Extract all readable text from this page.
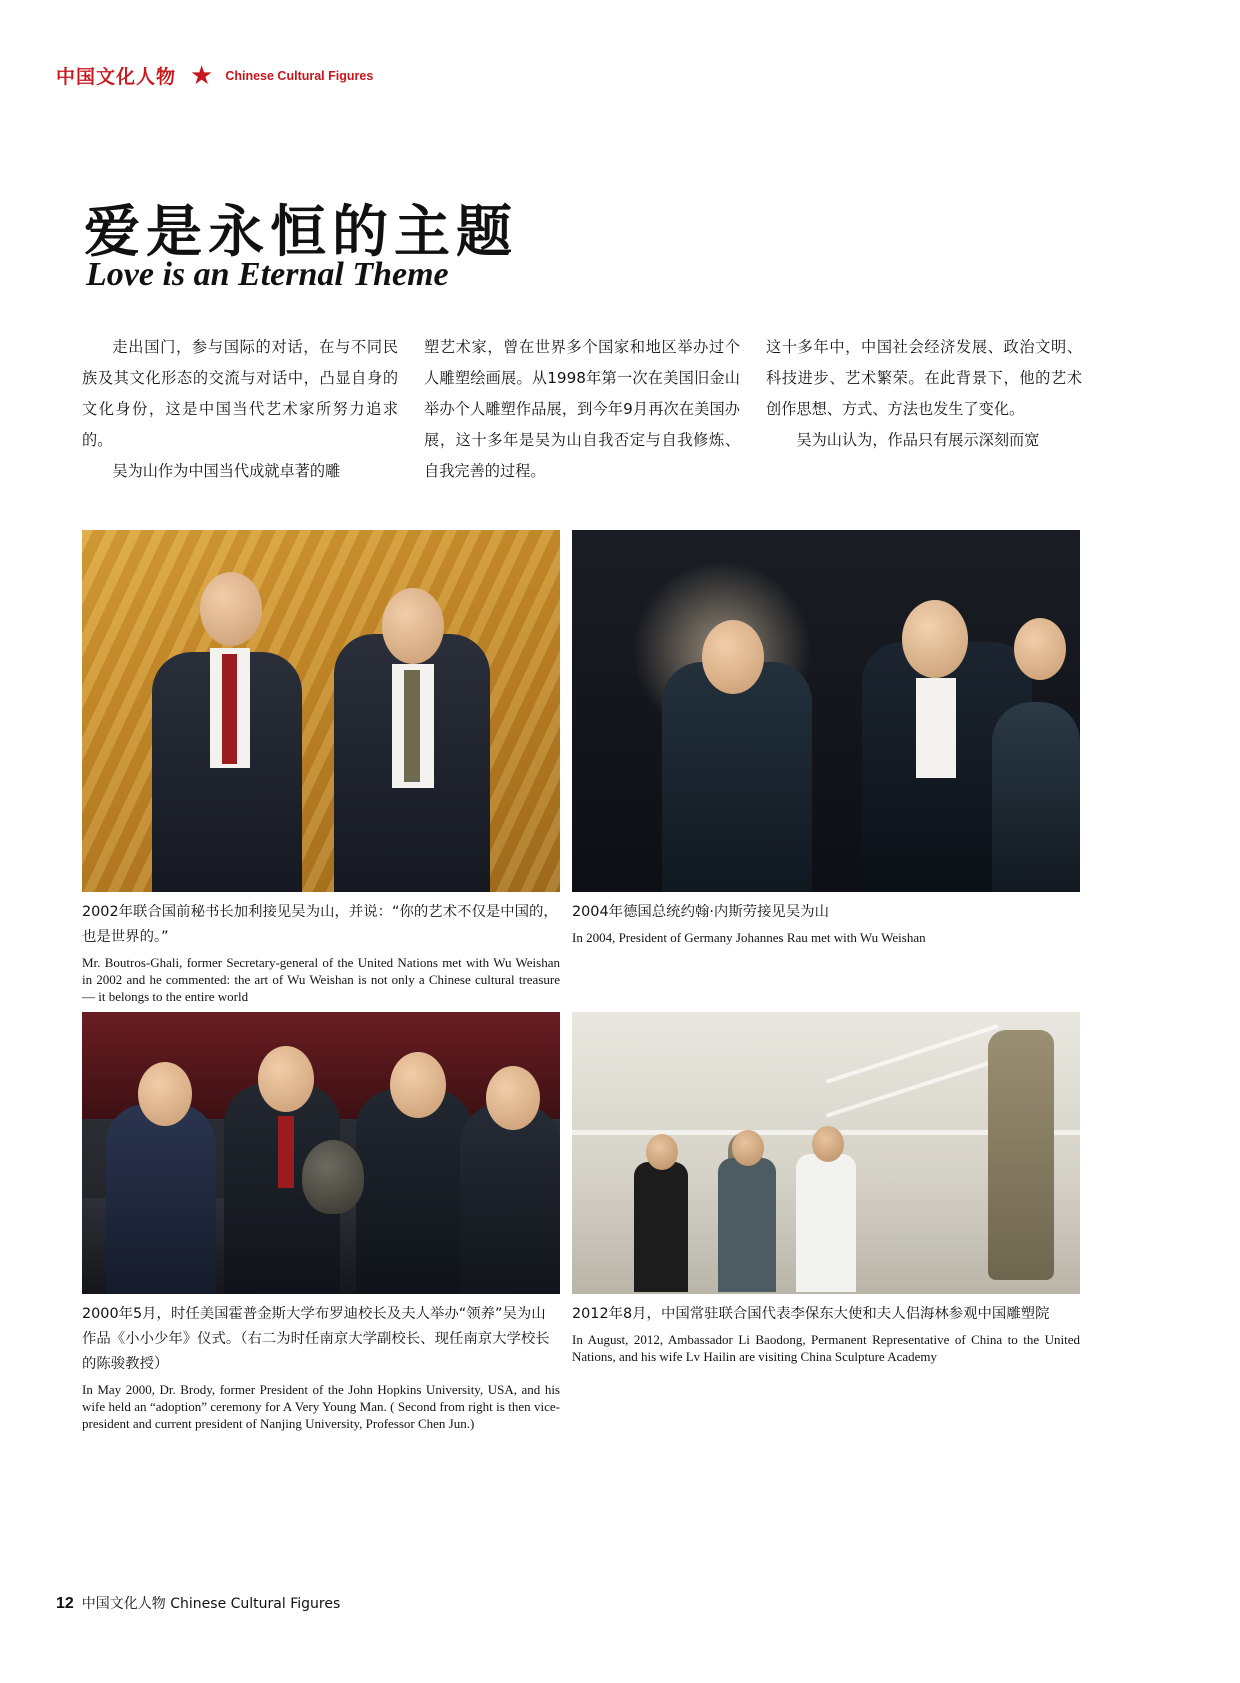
中国文化人物 ★ Chinese Cultural Figures
爱是永恒的主题
Love is an Eternal Theme

走出国门，参与国际的对话，在与不同民族及其文化形态的交流与对话中，凸显自身的文化身份，这是中国当代艺术家所努力追求的。

吴为山作为中国当代成就卓著的雕

塑艺术家，曾在世界多个国家和地区举办过个人雕塑绘画展。从1998年第一次在美国旧金山举办个人雕塑作品展，到今年9月再次在美国办展，这十多年是吴为山自我否定与自我修炼、自我完善的过程。

这十多年中，中国社会经济发展、政治文明、科技进步、艺术繁荣。在此背景下，他的艺术创作思想、方式、方法也发生了变化。

吴为山认为，作品只有展示深刻而宽

2002年联合国前秘书长加利接见吴为山，并说：“你的艺术不仅是中国的，也是世界的。”

Mr. Boutros-Ghali, former Secretary-general of the United Nations met with Wu Weishan in 2002 and he commented: the art of Wu Weishan is not only a Chinese cultural treasure — it belongs to the entire world

2004年德国总统约翰·内斯劳接见吴为山

In 2004, President of Germany Johannes Rau met with Wu Weishan

2000年5月，时任美国霍普金斯大学布罗迪校长及夫人举办“领养”吴为山作品《小小少年》仪式。（右二为时任南京大学副校长、现任南京大学校长的陈骏教授）

In May 2000, Dr. Brody, former President of the John Hopkins University, USA, and his wife held an “adoption” ceremony for A Very Young Man. ( Second from right is then vice-president and current president of Nanjing University, Professor Chen Jun.)

2012年8月，中国常驻联合国代表李保东大使和夫人侣海林参观中国雕塑院

In August, 2012, Ambassador Li Baodong, Permanent Representative of China to the United Nations, and his wife Lv Hailin are visiting China Sculpture Academy

12 中国文化人物 Chinese Cultural Figures
